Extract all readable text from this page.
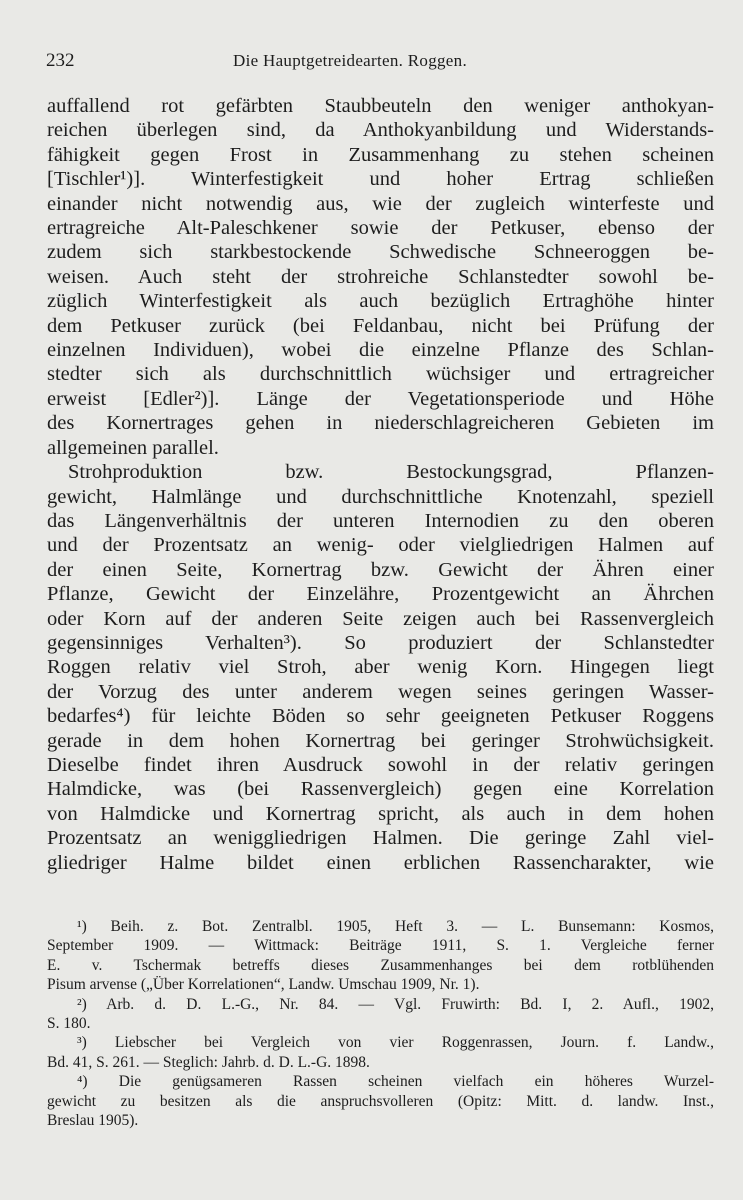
232	Die Hauptgetreidearten. Roggen.
auffallend rot gefärbten Staubbeuteln den weniger anthokyan-
reichen überlegen sind, da Anthokyanbildung und Widerstands-
fähigkeit gegen Frost in Zusammenhang zu stehen scheinen
[Tischler¹)]. Winterfestigkeit und hoher Ertrag schließen
einander nicht notwendig aus, wie der zugleich winterfeste und
ertragreiche Alt-Paleschkener sowie der Petkuser, ebenso der
zudem sich starkbestockende Schwedische Schneeroggen be-
weisen. Auch steht der strohreiche Schlanstedter sowohl be-
züglich Winterfestigkeit als auch bezüglich Ertraghöhe hinter
dem Petkuser zurück (bei Feldanbau, nicht bei Prüfung der
einzelnen Individuen), wobei die einzelne Pflanze des Schlan-
stedter sich als durchschnittlich wüchsiger und ertragreicher
erweist [Edler²)]. Länge der Vegetationsperiode und Höhe
des Kornertrages gehen in niederschlagreicheren Gebieten im
allgemeinen parallel.
Strohproduktion bzw. Bestockungsgrad, Pflanzen-
gewicht, Halmlänge und durchschnittliche Knotenzahl, speziell
das Längenverhältnis der unteren Internodien zu den oberen
und der Prozentsatz an wenig- oder vielgliedrigen Halmen auf
der einen Seite, Kornertrag bzw. Gewicht der Ähren einer
Pflanze, Gewicht der Einzelähre, Prozentgewicht an Ährchen
oder Korn auf der anderen Seite zeigen auch bei Rassenvergleich
gegensinniges Verhalten³). So produziert der Schlanstedter
Roggen relativ viel Stroh, aber wenig Korn. Hingegen liegt
der Vorzug des unter anderem wegen seines geringen Wasser-
bedarfes⁴) für leichte Böden so sehr geeigneten Petkuser Roggens
gerade in dem hohen Kornertrag bei geringer Strohwüchsigkeit.
Dieselbe findet ihren Ausdruck sowohl in der relativ geringen
Halmdicke, was (bei Rassenvergleich) gegen eine Korrelation
von Halmdicke und Kornertrag spricht, als auch in dem hohen
Prozentsatz an weniggliedrigen Halmen. Die geringe Zahl viel-
gliedriger Halme bildet einen erblichen Rassencharakter, wie
¹) Beih. z. Bot. Zentralbl. 1905, Heft 3. — L. Bunsemann: Kosmos,
September 1909. — Wittmack: Beiträge 1911, S. 1. Vergleiche ferner
E. v. Tschermak betreffs dieses Zusammenhanges bei dem rotblühenden
Pisum arvense („Über Korrelationen“, Landw. Umschau 1909, Nr. 1).
²) Arb. d. D. L.-G., Nr. 84. — Vgl. Fruwirth: Bd. I, 2. Aufl., 1902,
S. 180.
³) Liebscher bei Vergleich von vier Roggenrassen, Journ. f. Landw.,
Bd. 41, S. 261. — Steglich: Jahrb. d. D. L.-G. 1898.
⁴) Die genügsameren Rassen scheinen vielfach ein höheres Wurzel-
gewicht zu besitzen als die anspruchsvolleren (Opitz: Mitt. d. landw. Inst.,
Breslau 1905).
